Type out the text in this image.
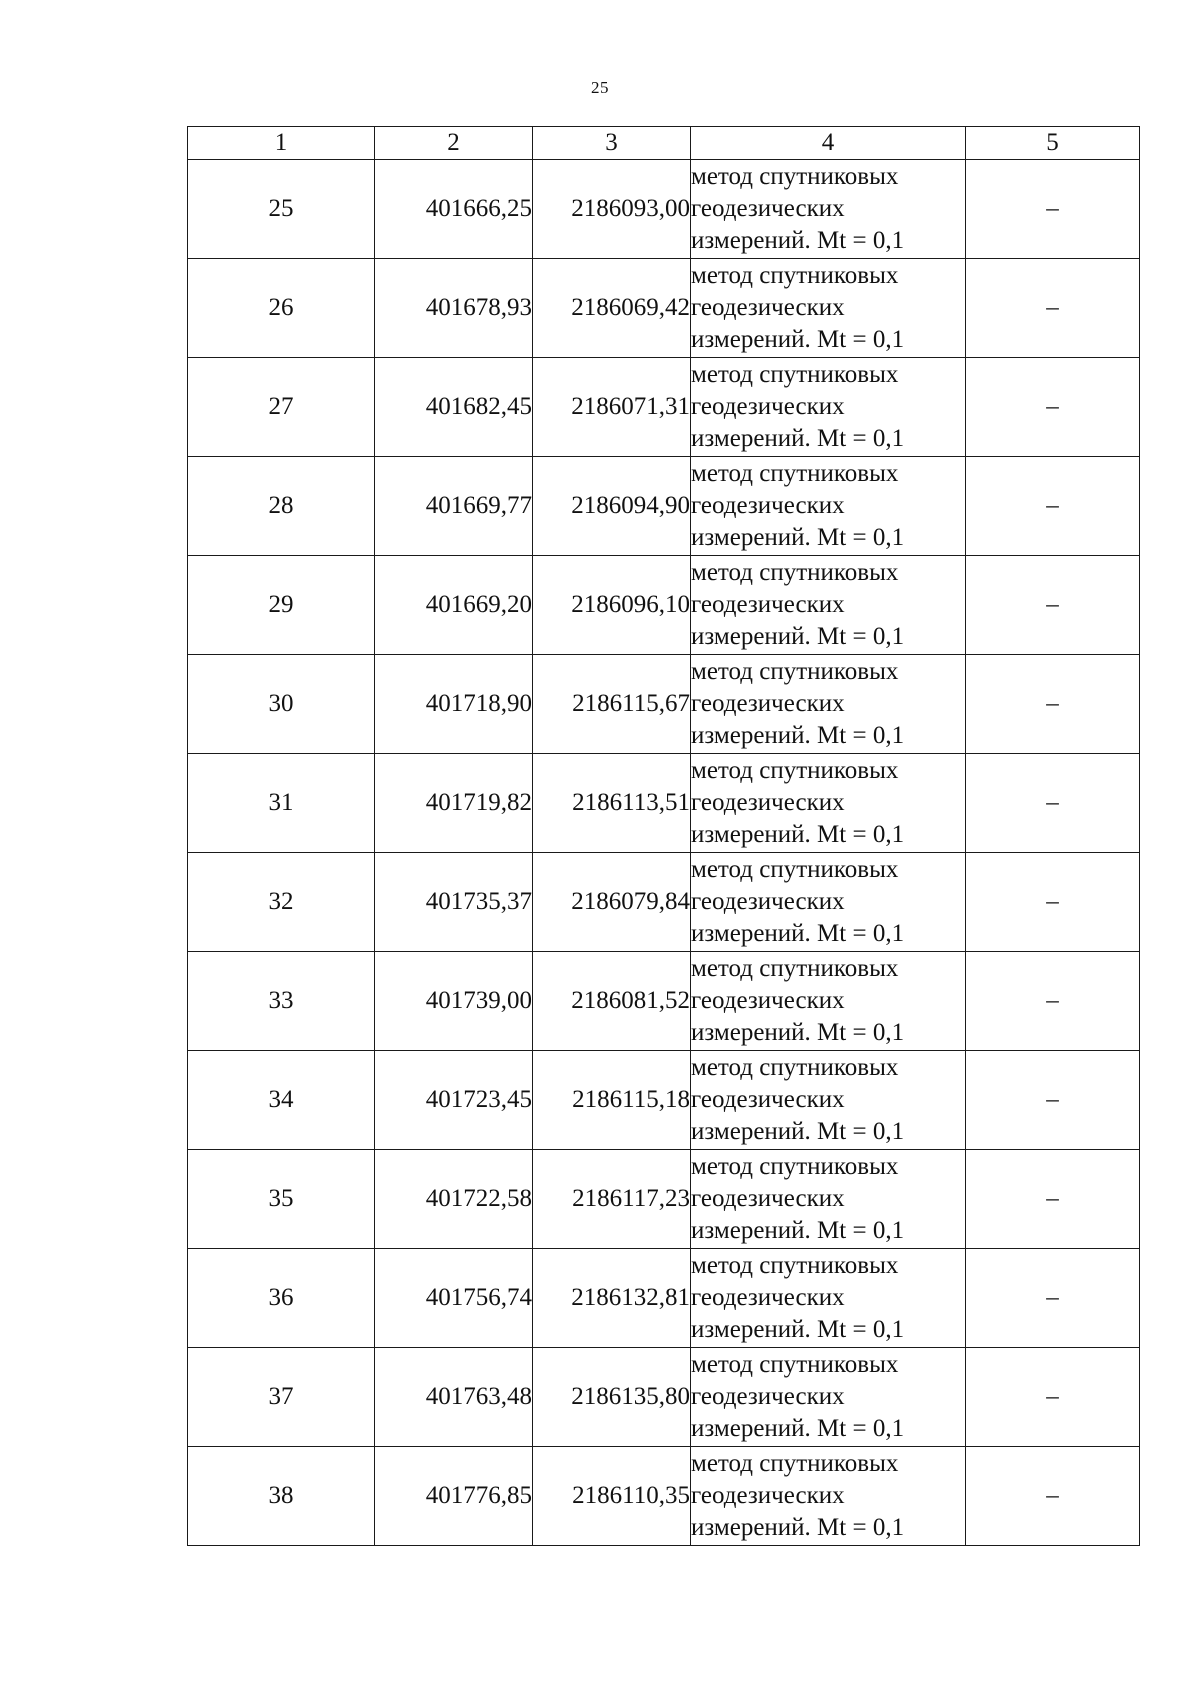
25
1	2	3	4	5
25	401666,25	2186093,00	метод спутниковых
геодезических
измерений. Mt = 0,1	–
26	401678,93	2186069,42	метод спутниковых
геодезических
измерений. Mt = 0,1	–
27	401682,45	2186071,31	метод спутниковых
геодезических
измерений. Mt = 0,1	–
28	401669,77	2186094,90	метод спутниковых
геодезических
измерений. Mt = 0,1	–
29	401669,20	2186096,10	метод спутниковых
геодезических
измерений. Mt = 0,1	–
30	401718,90	2186115,67	метод спутниковых
геодезических
измерений. Mt = 0,1	–
31	401719,82	2186113,51	метод спутниковых
геодезических
измерений. Mt = 0,1	–
32	401735,37	2186079,84	метод спутниковых
геодезических
измерений. Mt = 0,1	–
33	401739,00	2186081,52	метод спутниковых
геодезических
измерений. Mt = 0,1	–
34	401723,45	2186115,18	метод спутниковых
геодезических
измерений. Mt = 0,1	–
35	401722,58	2186117,23	метод спутниковых
геодезических
измерений. Mt = 0,1	–
36	401756,74	2186132,81	метод спутниковых
геодезических
измерений. Mt = 0,1	–
37	401763,48	2186135,80	метод спутниковых
геодезических
измерений. Mt = 0,1	–
38	401776,85	2186110,35	метод спутниковых
геодезических
измерений. Mt = 0,1	–
